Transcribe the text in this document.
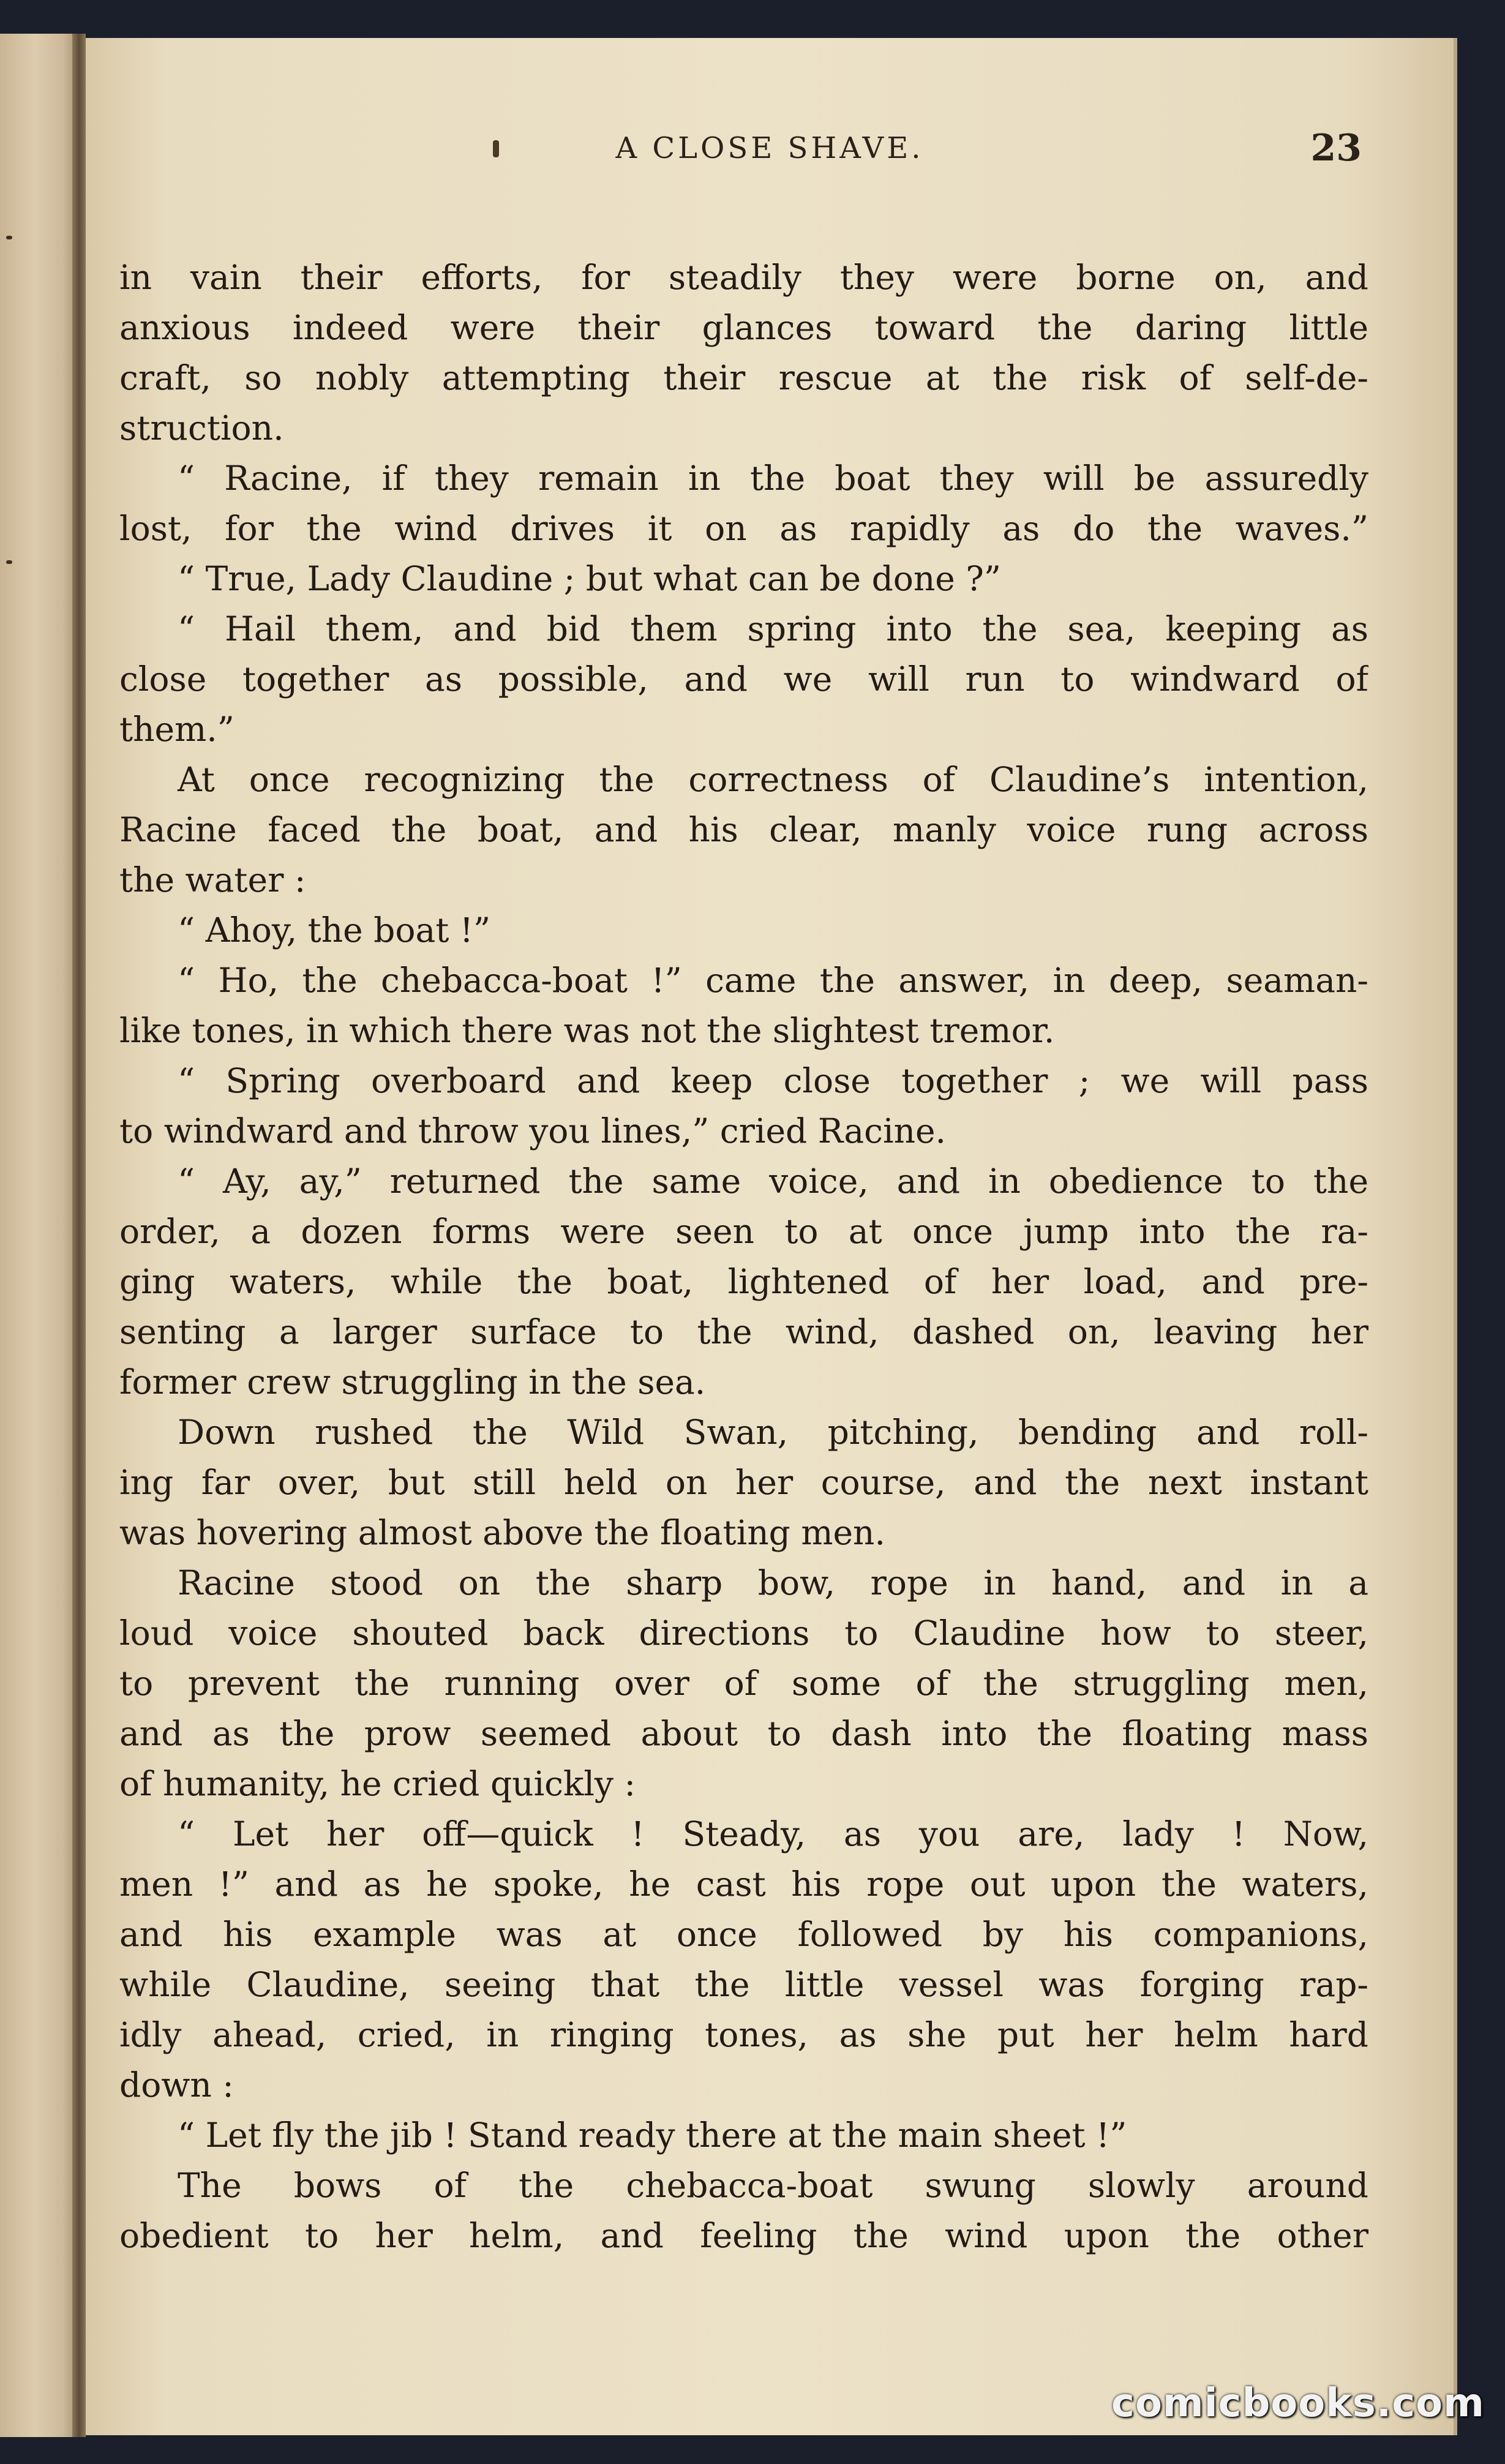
A CLOSE SHAVE.	23
in vain their efforts, for steadily they were borne on, and
anxious indeed were their glances toward the daring little
craft, so nobly attempting their rescue at the risk of self-de-
struction.
“ Racine, if they remain in the boat they will be assuredly
lost, for the wind drives it on as rapidly as do the waves.”
“ True, Lady Claudine ; but what can be done ?”
“ Hail them, and bid them spring into the sea, keeping as
close together as possible, and we will run to windward of
them.”
At once recognizing the correctness of Claudine’s intention,
Racine faced the boat, and his clear, manly voice rung across
the water :
“ Ahoy, the boat !”
“ Ho, the chebacca-boat !” came the answer, in deep, seaman-
like tones, in which there was not the slightest tremor.
“ Spring overboard and keep close together ; we will pass
to windward and throw you lines,” cried Racine.
“ Ay, ay,” returned the same voice, and in obedience to the
order, a dozen forms were seen to at once jump into the ra-
ging waters, while the boat, lightened of her load, and pre-
senting a larger surface to the wind, dashed on, leaving her
former crew struggling in the sea.
Down rushed the Wild Swan, pitching, bending and roll-
ing far over, but still held on her course, and the next instant
was hovering almost above the floating men.
Racine stood on the sharp bow, rope in hand, and in a
loud voice shouted back directions to Claudine how to steer,
to prevent the running over of some of the struggling men,
and as the prow seemed about to dash into the floating mass
of humanity, he cried quickly :
“ Let her off—quick ! Steady, as you are, lady ! Now,
men !” and as he spoke, he cast his rope out upon the waters,
and his example was at once followed by his companions,
while Claudine, seeing that the little vessel was forging rap-
idly ahead, cried, in ringing tones, as she put her helm hard
down :
“ Let fly the jib ! Stand ready there at the main sheet !”
The bows of the chebacca-boat swung slowly around
obedient to her helm, and feeling the wind upon the other
comicbooks.com
